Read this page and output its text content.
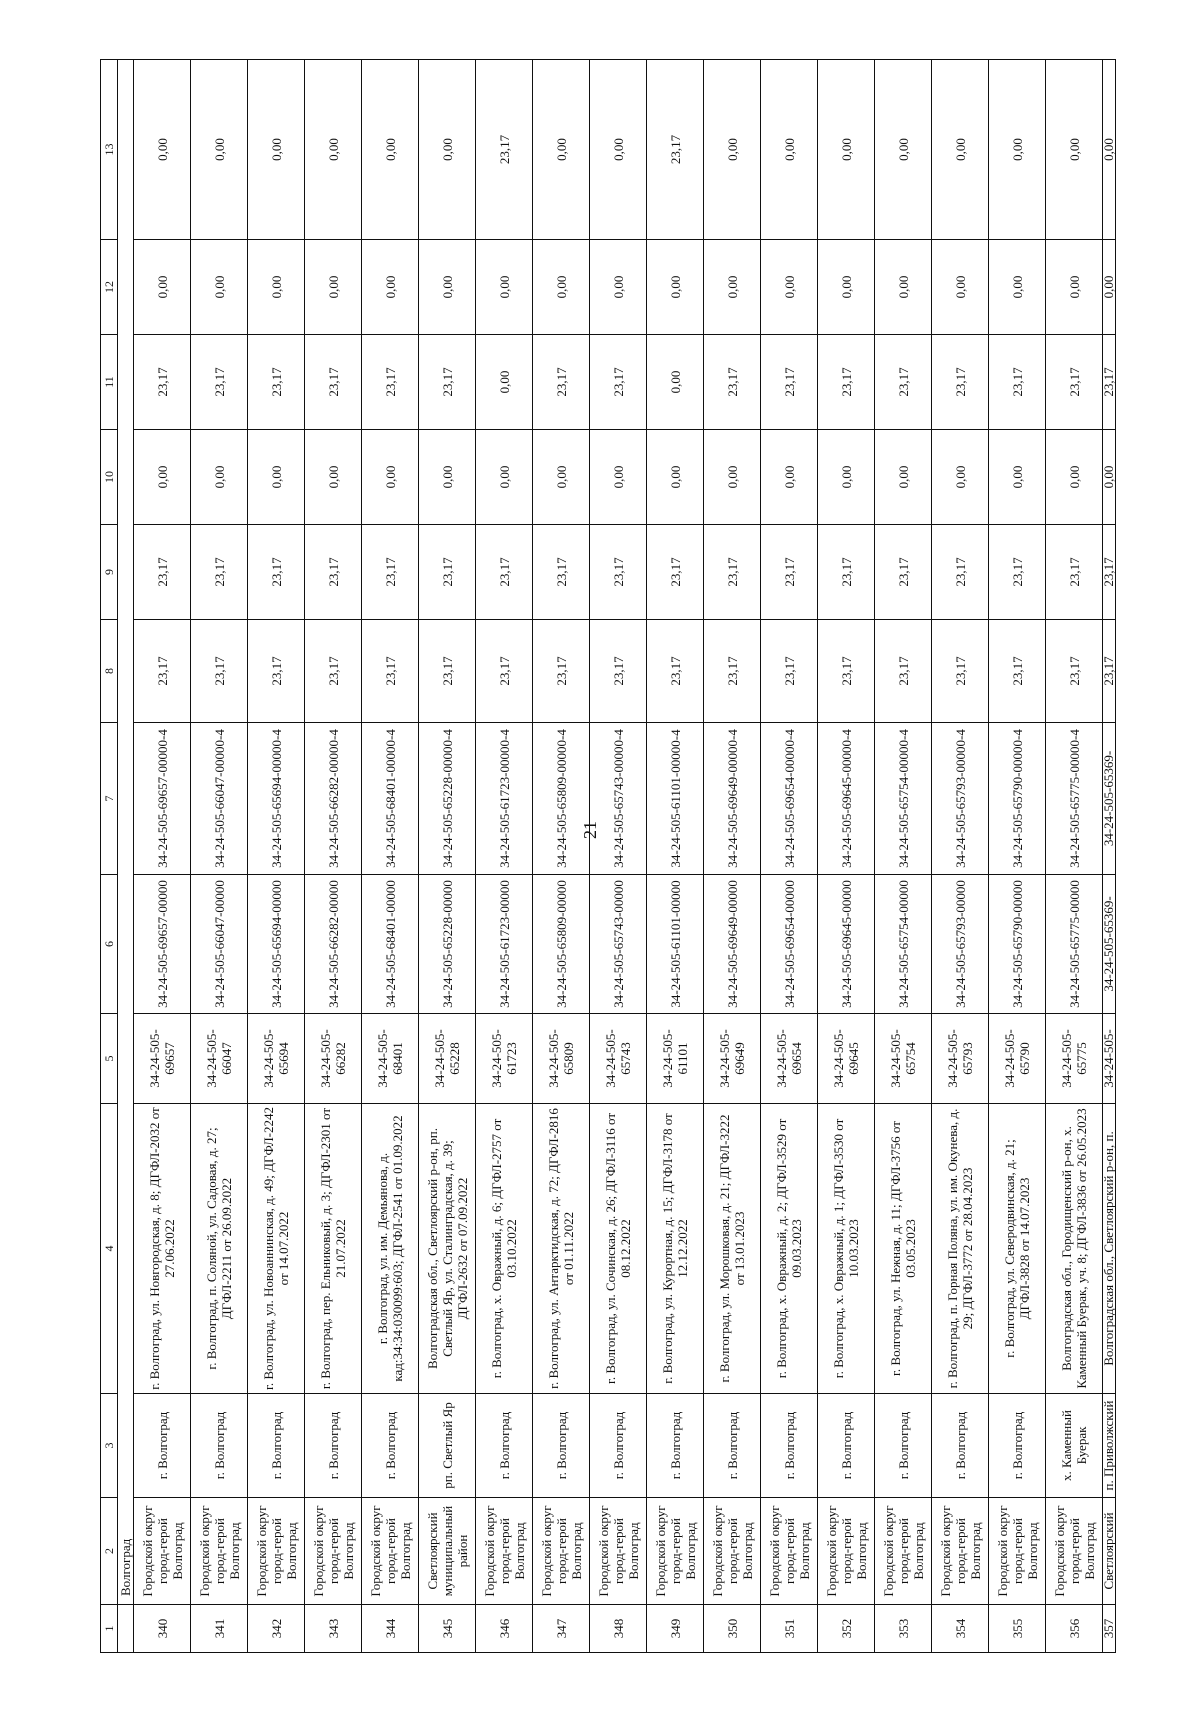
21
1	2	3	4	5	6	7	8	9	10	11	12	13
	Волгоград											
340	Городской округ город-герой Волгоград	г. Волгоград	г. Волгоград, ул. Новгородская, д. 8; ДГФЛ-2032 от 27.06.2022	34-24-505-69657	34-24-505-69657-00000	34-24-505-69657-00000-4	23,17	23,17	0,00	23,17	0,00	0,00
341	Городской округ город-герой Волгоград	г. Волгоград	г. Волгоград, п. Соляной, ул. Садовая, д. 27; ДГФЛ-2211 от 26.09.2022	34-24-505-66047	34-24-505-66047-00000	34-24-505-66047-00000-4	23,17	23,17	0,00	23,17	0,00	0,00
342	Городской округ город-герой Волгоград	г. Волгоград	г. Волгоград, ул. Новоаннинская, д. 49; ДГФЛ-2242 от 14.07.2022	34-24-505-65694	34-24-505-65694-00000	34-24-505-65694-00000-4	23,17	23,17	0,00	23,17	0,00	0,00
343	Городской округ город-герой Волгоград	г. Волгоград	г. Волгоград, пер. Ельниковый, д. 3; ДГФЛ-2301 от 21.07.2022	34-24-505-66282	34-24-505-66282-00000	34-24-505-66282-00000-4	23,17	23,17	0,00	23,17	0,00	0,00
344	Городской округ город-герой Волгоград	г. Волгоград	г. Волгоград, ул. им. Демьянова, д. кад:34:34:030099:603; ДГФЛ-2541 от 01.09.2022	34-24-505-68401	34-24-505-68401-00000	34-24-505-68401-00000-4	23,17	23,17	0,00	23,17	0,00	0,00
345	Светлоярский муниципальный район	рп. Светлый Яр	Волгоградская обл., Светлоярский р-он, рп. Светлый Яр, ул. Сталинградская, д. 39; ДГФЛ-2632 от 07.09.2022	34-24-505-65228	34-24-505-65228-00000	34-24-505-65228-00000-4	23,17	23,17	0,00	23,17	0,00	0,00
346	Городской округ город-герой Волгоград	г. Волгоград	г. Волгоград, х. Овражный, д. 6; ДГФЛ-2757 от 03.10.2022	34-24-505-61723	34-24-505-61723-00000	34-24-505-61723-00000-4	23,17	23,17	0,00	0,00	0,00	23,17
347	Городской округ город-герой Волгоград	г. Волгоград	г. Волгоград, ул. Антарктидская, д. 72; ДГФЛ-2816 от 01.11.2022	34-24-505-65809	34-24-505-65809-00000	34-24-505-65809-00000-4	23,17	23,17	0,00	23,17	0,00	0,00
348	Городской округ город-герой Волгоград	г. Волгоград	г. Волгоград, ул. Сочинская, д. 26; ДГФЛ-3116 от 08.12.2022	34-24-505-65743	34-24-505-65743-00000	34-24-505-65743-00000-4	23,17	23,17	0,00	23,17	0,00	0,00
349	Городской округ город-герой Волгоград	г. Волгоград	г. Волгоград, ул. Курортная, д. 15; ДГФЛ-3178 от 12.12.2022	34-24-505-61101	34-24-505-61101-00000	34-24-505-61101-00000-4	23,17	23,17	0,00	0,00	0,00	23,17
350	Городской округ город-герой Волгоград	г. Волгоград	г. Волгоград, ул. Морошковая, д. 21; ДГФЛ-3222 от 13.01.2023	34-24-505-69649	34-24-505-69649-00000	34-24-505-69649-00000-4	23,17	23,17	0,00	23,17	0,00	0,00
351	Городской округ город-герой Волгоград	г. Волгоград	г. Волгоград, х. Овражный, д. 2; ДГФЛ-3529 от 09.03.2023	34-24-505-69654	34-24-505-69654-00000	34-24-505-69654-00000-4	23,17	23,17	0,00	23,17	0,00	0,00
352	Городской округ город-герой Волгоград	г. Волгоград	г. Волгоград, х. Овражный, д. 1; ДГФЛ-3530 от 10.03.2023	34-24-505-69645	34-24-505-69645-00000	34-24-505-69645-00000-4	23,17	23,17	0,00	23,17	0,00	0,00
353	Городской округ город-герой Волгоград	г. Волгоград	г. Волгоград, ул. Нежная, д. 11; ДГФЛ-3756 от 03.05.2023	34-24-505-65754	34-24-505-65754-00000	34-24-505-65754-00000-4	23,17	23,17	0,00	23,17	0,00	0,00
354	Городской округ город-герой Волгоград	г. Волгоград	г. Волгоград, п. Горная Поляна, ул. им. Окунева, д. 29; ДГФЛ-3772 от 28.04.2023	34-24-505-65793	34-24-505-65793-00000	34-24-505-65793-00000-4	23,17	23,17	0,00	23,17	0,00	0,00
355	Городской округ город-герой Волгоград	г. Волгоград	г. Волгоград, ул. Северодвинская, д. 21; ДГФЛ-3828 от 14.07.2023	34-24-505-65790	34-24-505-65790-00000	34-24-505-65790-00000-4	23,17	23,17	0,00	23,17	0,00	0,00
356	Городской округ город-герой Волгоград	х. Каменный Буерак	Волгоградская обл., Городищенский р-он, х. Каменный Буерак, уч. 8; ДГФЛ-3836 от 26.05.2023	34-24-505-65775	34-24-505-65775-00000	34-24-505-65775-00000-4	23,17	23,17	0,00	23,17	0,00	0,00
357	Светлоярский	п. Приволжский	Волгоградская обл., Светлоярский р-он, п.	34-24-505-	34-24-505-65369-	34-24-505-65369-	23,17	23,17	0,00	23,17	0,00	0,00
